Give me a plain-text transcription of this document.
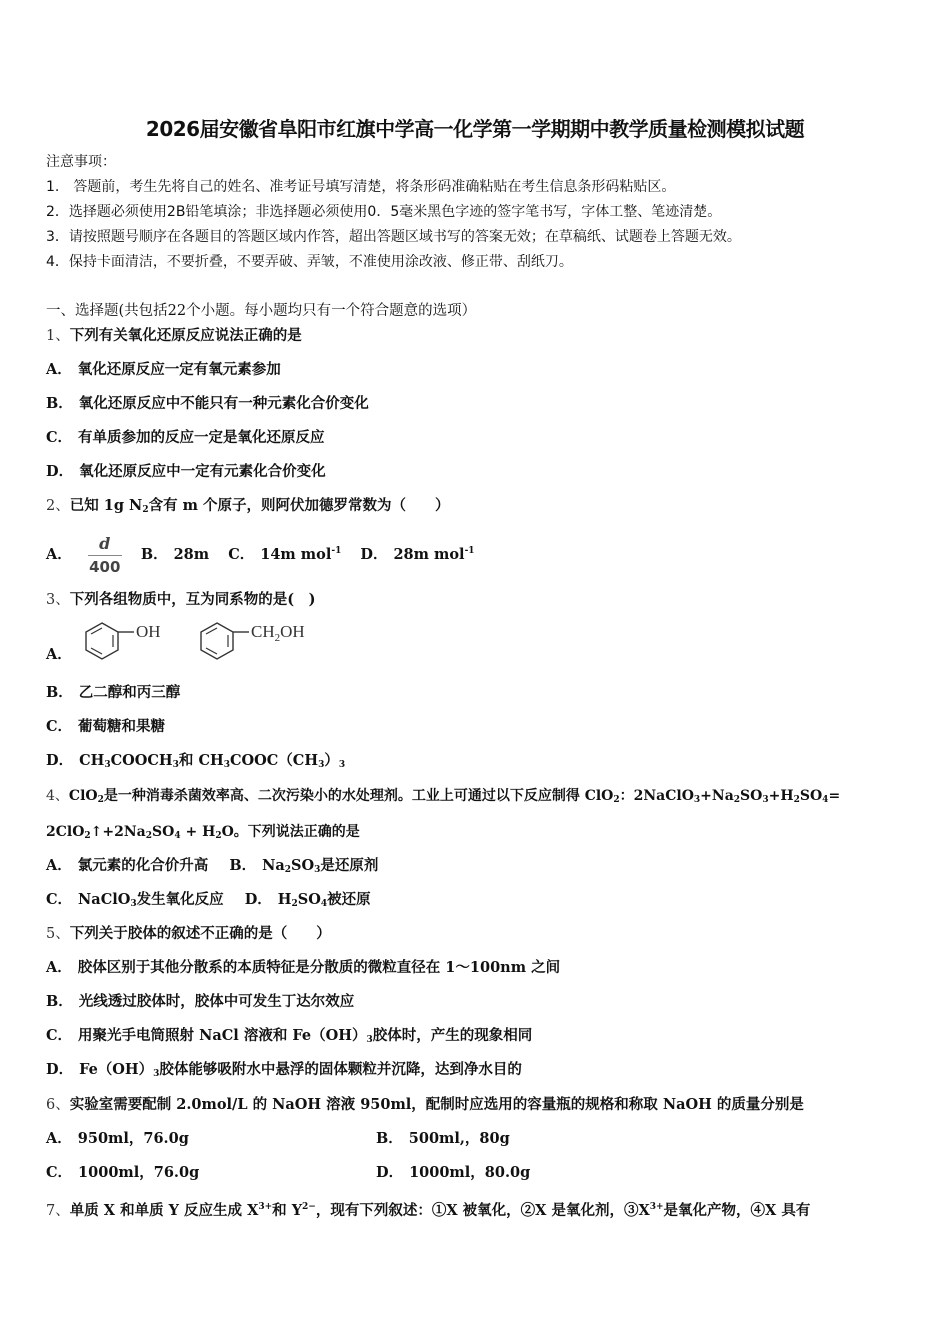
2026届安徽省阜阳市红旗中学高一化学第一学期期中教学质量检测模拟试题
注意事项：
1.　答题前，考生先将自己的姓名、准考证号填写清楚，将条形码准确粘贴在考生信息条形码粘贴区。
2．选择题必须使用2B铅笔填涂；非选择题必须使用0．5毫米黑色字迹的签字笔书写，字体工整、笔迹清楚。
3．请按照题号顺序在各题目的答题区域内作答，超出答题区域书写的答案无效；在草稿纸、试题卷上答题无效。
4．保持卡面清洁，不要折叠，不要弄破、弄皱，不准使用涂改液、修正带、刮纸刀。
一、选择题(共包括22个小题。每小题均只有一个符合题意的选项）
1、下列有关氧化还原反应说法正确的是
A． 氧化还原反应一定有氧元素参加
B． 氧化还原反应中不能只有一种元素化合价变化
C． 有单质参加的反应一定是氧化还原反应
D． 氧化还原反应中一定有元素化合价变化
2、已知 1g $N_2$含有 m 个原子，则阿伏加德罗常数为（　　）
A． $\frac{d}{400}$ B． 28m C． 14m mol$^{-1}$ D． 28m mol$^{-1}$
3、下列各组物质中，互为同系物的是(　)
A．
OH
	$CH_2OH$
B． 乙二醇和丙三醇
C． 葡萄糖和果糖
D． $CH_3COOCH_3$和 $CH_3COOC(CH_3)_3$
4、ClO$_2$是一种消毒杀菌效率高、二次污染小的水处理剂。工业上可通过以下反应制得 ClO$_2$：$2NaClO_3+Na_2SO_3+H_2SO_4=$
$2ClO_2↑+2Na_2SO_4 + H_2O$。下列说法正确的是
A． 氯元素的化合价升高 B． $Na_2SO_3$是还原剂
C． NaClO$_3$发生氧化反应 D． $H_2SO_4$被还原
5、下列关于胶体的叙述不正确的是（　　）
A． 胶体区别于其他分散系的本质特征是分散质的微粒直径在 1～100nm 之间
B． 光线透过胶体时，胶体中可发生丁达尔效应
C． 用聚光手电筒照射 NaCl 溶液和 $Fe(OH)_3$胶体时，产生的现象相同
D． $Fe(OH)_3$胶体能够吸附水中悬浮的固体颗粒并沉降，达到净水目的
6、实验室需要配制 2.0mol/L 的 NaOH 溶液 950ml，配制时应选用的容量瓶的规格和称取 NaOH 的质量分别是
A． 950ml，76.0g	B． 500ml,，80g
C． 1000ml，76.0g	D． 1000ml，80.0g
7、单质 X 和单质 Y 反应生成 $X^{3+}$和 $Y^{2-}$，现有下列叙述：①X 被氧化，②X 是氧化剂，$③X^{3+}$是氧化产物，④X 具有
